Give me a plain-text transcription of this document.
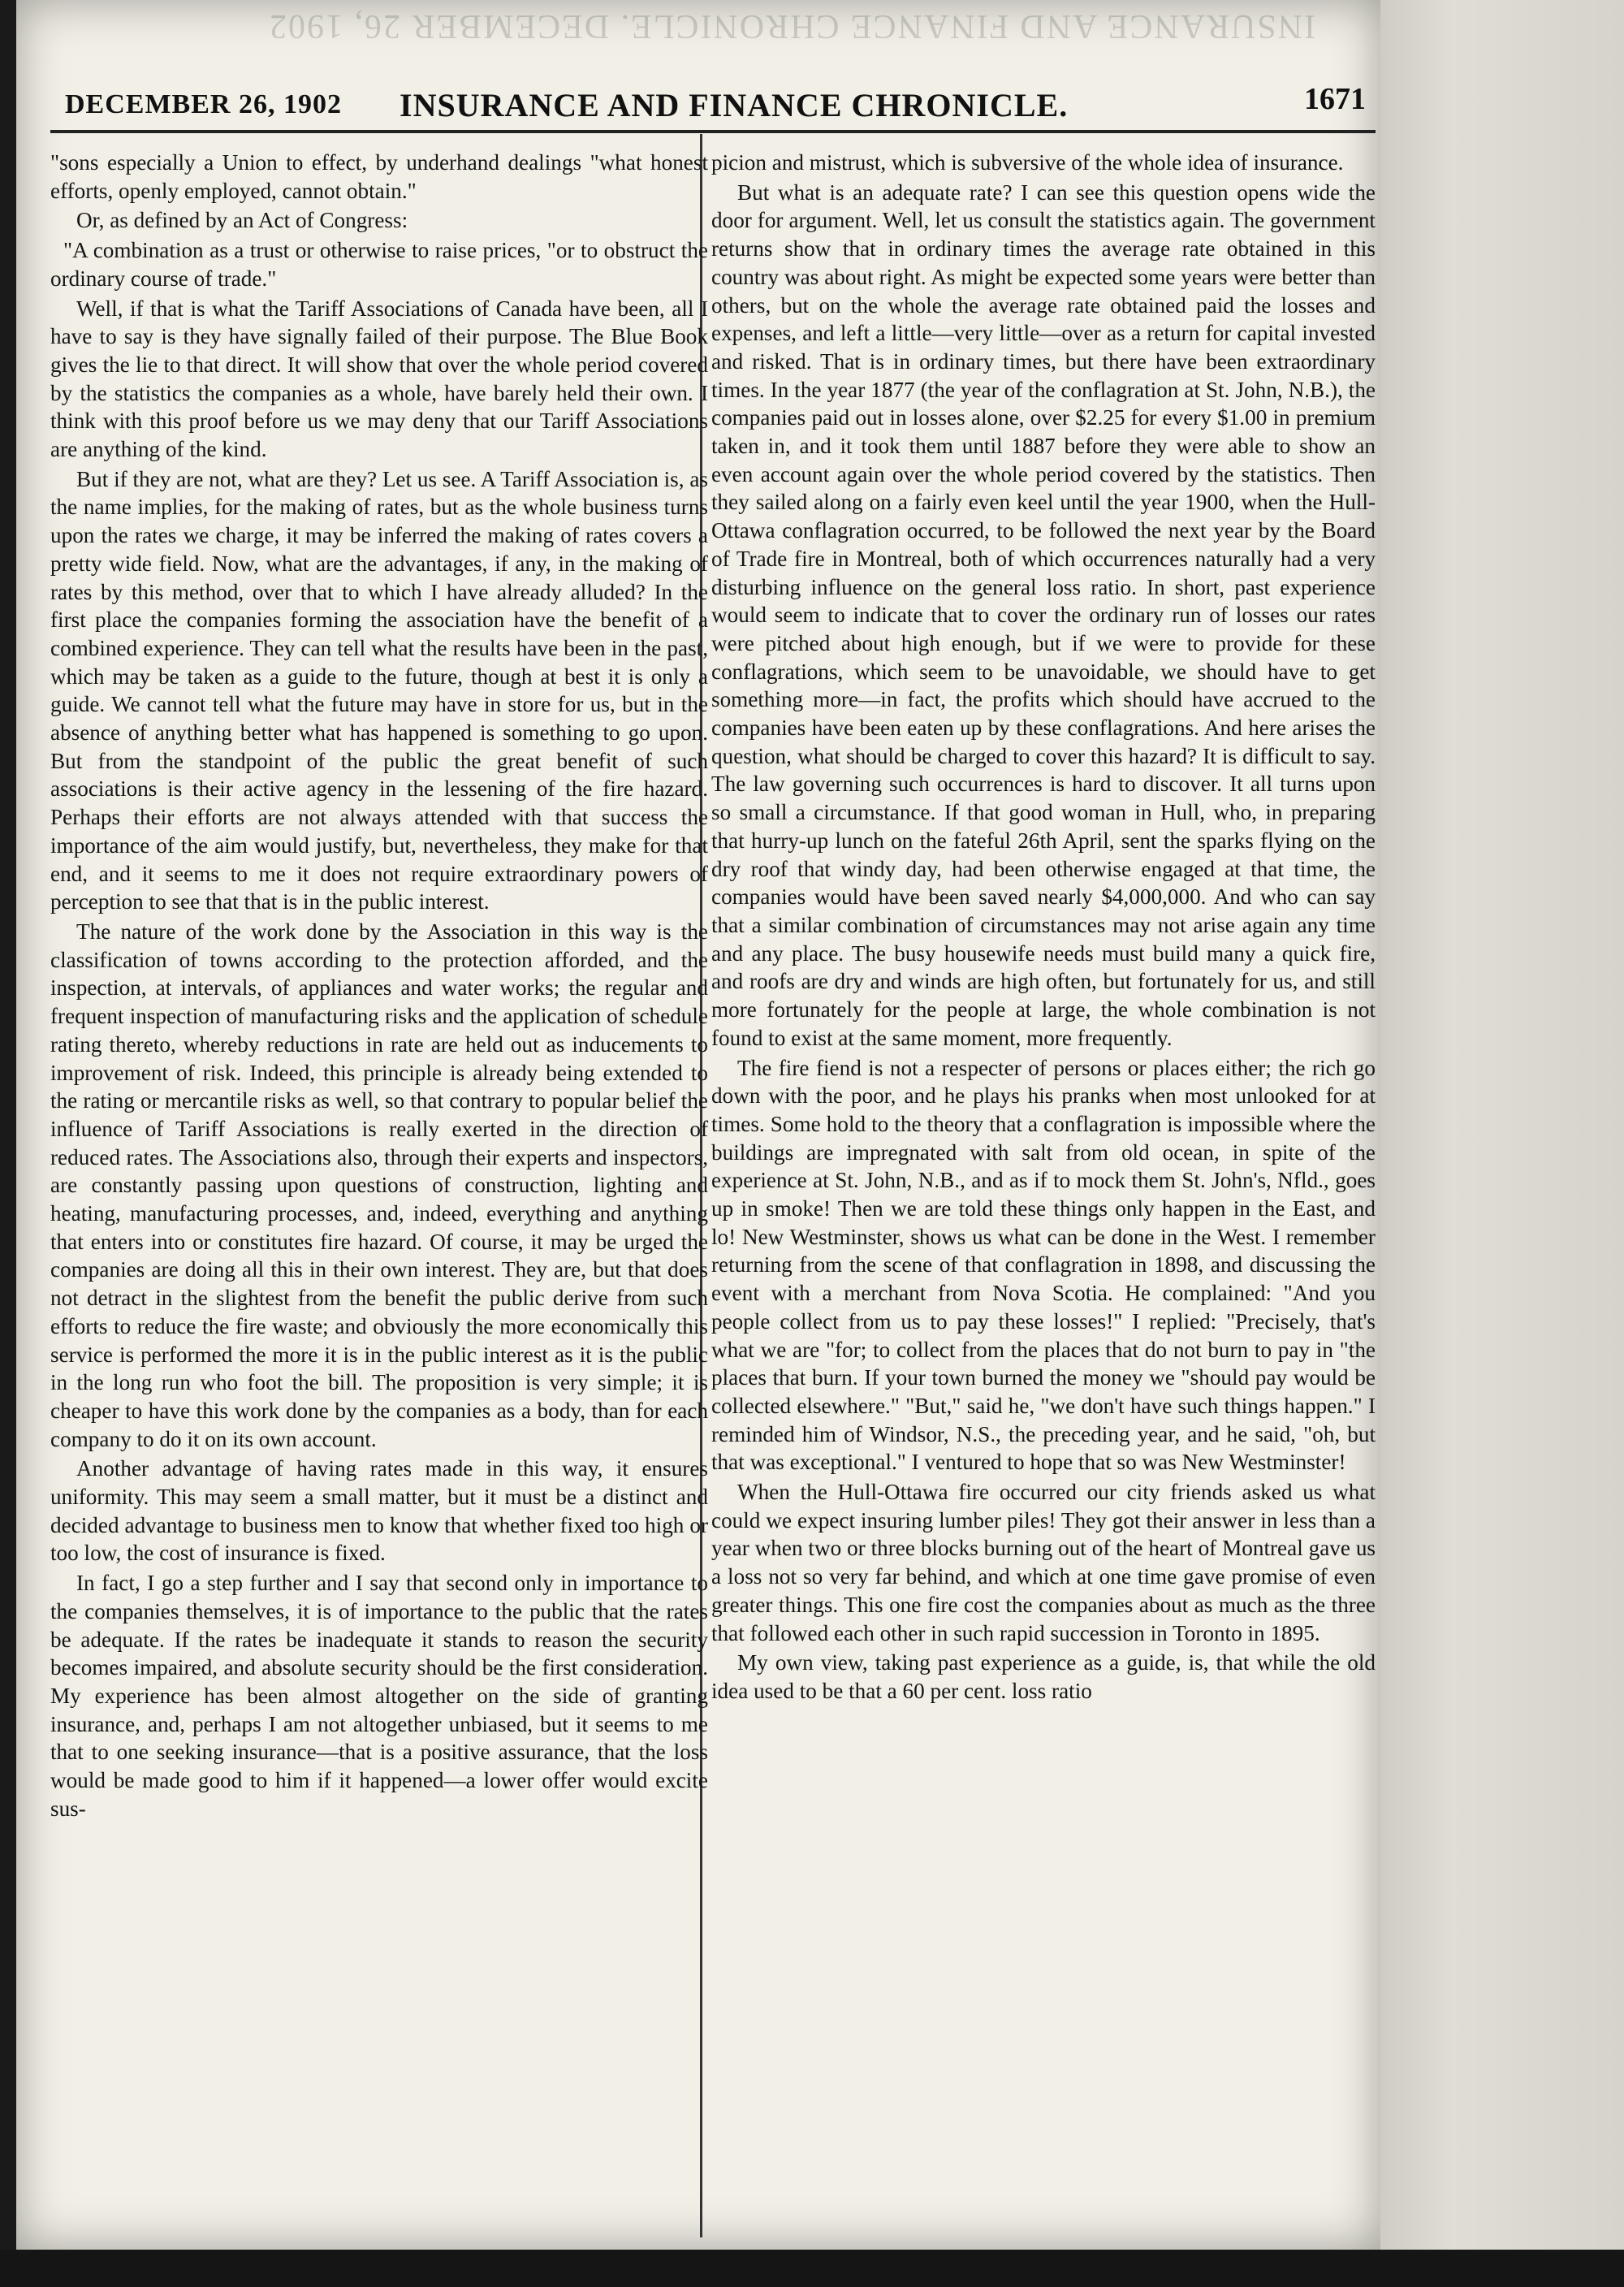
INSURANCE AND FINANCE CHRONICLE. DECEMBER 26, 1902
DECEMBER 26, 1902 INSURANCE AND FINANCE CHRONICLE.	1671

"sons especially a Union to effect, by underhand dealings "what honest efforts, openly employed, cannot obtain."

Or, as defined by an Act of Congress:

"A combination as a trust or otherwise to raise prices, "or to obstruct the ordinary course of trade."

Well, if that is what the Tariff Associations of Canada have been, all I have to say is they have signally failed of their purpose. The Blue Book gives the lie to that direct. It will show that over the whole period covered by the statistics the companies as a whole, have barely held their own. I think with this proof before us we may deny that our Tariff Associations are anything of the kind.

But if they are not, what are they? Let us see. A Tariff Association is, as the name implies, for the making of rates, but as the whole business turns upon the rates we charge, it may be inferred the making of rates covers a pretty wide field. Now, what are the advantages, if any, in the making of rates by this method, over that to which I have already alluded? In the first place the companies forming the association have the benefit of a combined experience. They can tell what the results have been in the past, which may be taken as a guide to the future, though at best it is only a guide. We cannot tell what the future may have in store for us, but in the absence of anything better what has happened is something to go upon. But from the standpoint of the public the great benefit of such associations is their active agency in the lessening of the fire hazard. Perhaps their efforts are not always attended with that success the importance of the aim would justify, but, nevertheless, they make for that end, and it seems to me it does not require extraordinary powers of perception to see that that is in the public interest.

The nature of the work done by the Association in this way is the classification of towns according to the protection afforded, and the inspection, at intervals, of appliances and water works; the regular and frequent inspection of manufacturing risks and the application of schedule rating thereto, whereby reductions in rate are held out as inducements to improvement of risk. Indeed, this principle is already being extended to the rating or mercantile risks as well, so that contrary to popular belief the influence of Tariff Associations is really exerted in the direction of reduced rates. The Associations also, through their experts and inspectors, are constantly passing upon questions of construction, lighting and heating, manufacturing processes, and, indeed, everything and anything that enters into or constitutes fire hazard. Of course, it may be urged the companies are doing all this in their own interest. They are, but that does not detract in the slightest from the benefit the public derive from such efforts to reduce the fire waste; and obviously the more economically this service is performed the more it is in the public interest as it is the public in the long run who foot the bill. The proposition is very simple; it is cheaper to have this work done by the companies as a body, than for each company to do it on its own account.

Another advantage of having rates made in this way, it ensures uniformity. This may seem a small matter, but it must be a distinct and decided advantage to business men to know that whether fixed too high or too low, the cost of insurance is fixed.

In fact, I go a step further and I say that second only in importance to the companies themselves, it is of importance to the public that the rates be adequate. If the rates be inadequate it stands to reason the security becomes impaired, and absolute security should be the first consideration. My experience has been almost altogether on the side of granting insurance, and, perhaps I am not altogether unbiased, but it seems to me that to one seeking insurance—that is a positive assurance, that the loss would be made good to him if it happened—a lower offer would excite sus-

picion and mistrust, which is subversive of the whole idea of insurance.

But what is an adequate rate? I can see this question opens wide the door for argument. Well, let us consult the statistics again. The government returns show that in ordinary times the average rate obtained in this country was about right. As might be expected some years were better than others, but on the whole the average rate obtained paid the losses and expenses, and left a little—very little—over as a return for capital invested and risked. That is in ordinary times, but there have been extraordinary times. In the year 1877 (the year of the conflagration at St. John, N.B.), the companies paid out in losses alone, over $2.25 for every $1.00 in premium taken in, and it took them until 1887 before they were able to show an even account again over the whole period covered by the statistics. Then they sailed along on a fairly even keel until the year 1900, when the Hull-Ottawa conflagration occurred, to be followed the next year by the Board of Trade fire in Montreal, both of which occurrences naturally had a very disturbing influence on the general loss ratio. In short, past experience would seem to indicate that to cover the ordinary run of losses our rates were pitched about high enough, but if we were to provide for these conflagrations, which seem to be unavoidable, we should have to get something more—in fact, the profits which should have accrued to the companies have been eaten up by these conflagrations. And here arises the question, what should be charged to cover this hazard? It is difficult to say. The law governing such occurrences is hard to discover. It all turns upon so small a circumstance. If that good woman in Hull, who, in preparing that hurry-up lunch on the fateful 26th April, sent the sparks flying on the dry roof that windy day, had been otherwise engaged at that time, the companies would have been saved nearly $4,000,000. And who can say that a similar combination of circumstances may not arise again any time and any place. The busy housewife needs must build many a quick fire, and roofs are dry and winds are high often, but fortunately for us, and still more fortunately for the people at large, the whole combination is not found to exist at the same moment, more frequently.

The fire fiend is not a respecter of persons or places either; the rich go down with the poor, and he plays his pranks when most unlooked for at times. Some hold to the theory that a conflagration is impossible where the buildings are impregnated with salt from old ocean, in spite of the experience at St. John, N.B., and as if to mock them St. John's, Nfld., goes up in smoke! Then we are told these things only happen in the East, and lo! New Westminster, shows us what can be done in the West. I remember returning from the scene of that conflagration in 1898, and discussing the event with a merchant from Nova Scotia. He complained: "And you people collect from us to pay these losses!" I replied: "Precisely, that's what we are "for; to collect from the places that do not burn to pay in "the places that burn. If your town burned the money we "should pay would be collected elsewhere." "But," said he, "we don't have such things happen." I reminded him of Windsor, N.S., the preceding year, and he said, "oh, but that was exceptional." I ventured to hope that so was New Westminster!

When the Hull-Ottawa fire occurred our city friends asked us what could we expect insuring lumber piles! They got their answer in less than a year when two or three blocks burning out of the heart of Montreal gave us a loss not so very far behind, and which at one time gave promise of even greater things. This one fire cost the companies about as much as the three that followed each other in such rapid succession in Toronto in 1895.

My own view, taking past experience as a guide, is, that while the old idea used to be that a 60 per cent. loss ratio
